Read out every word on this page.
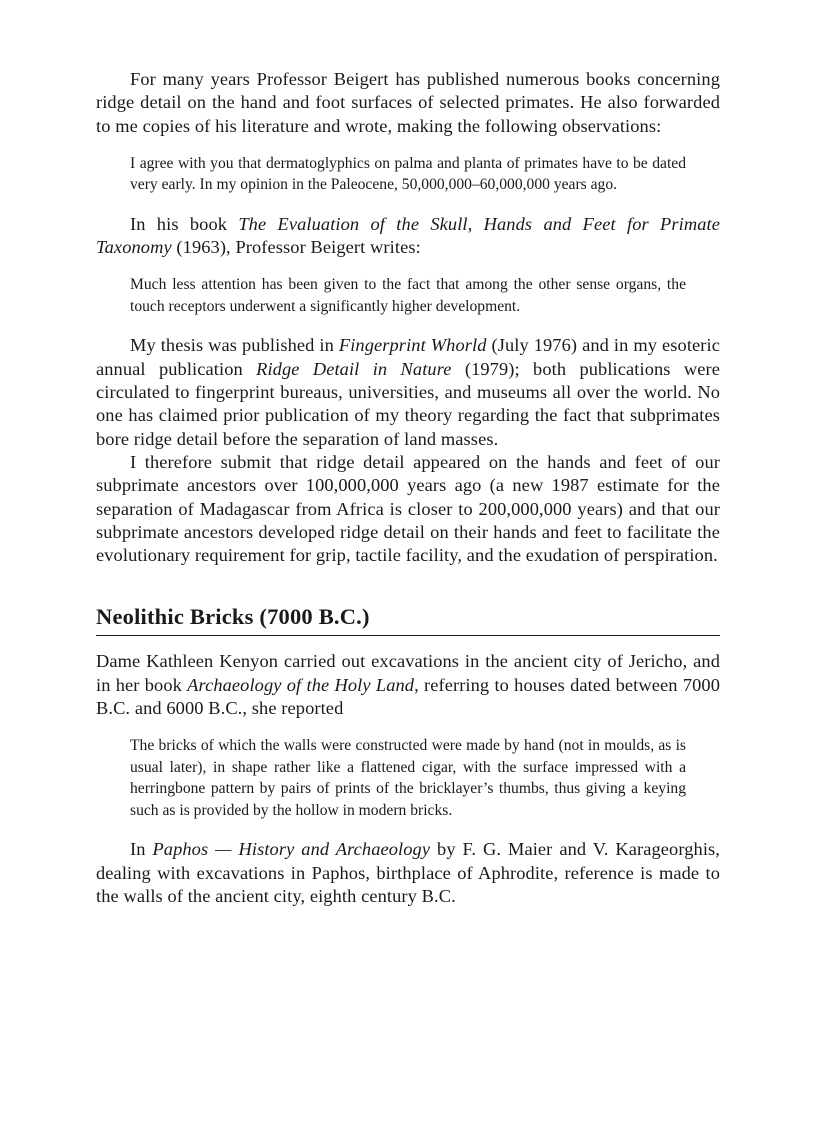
For many years Professor Beigert has published numerous books concerning ridge detail on the hand and foot surfaces of selected primates. He also forwarded to me copies of his literature and wrote, making the following observations:

I agree with you that dermatoglyphics on palma and planta of primates have to be dated very early. In my opinion in the Paleocene, 50,000,000–60,000,000 years ago.

In his book The Evaluation of the Skull, Hands and Feet for Primate Taxonomy (1963), Professor Beigert writes:

Much less attention has been given to the fact that among the other sense organs, the touch receptors underwent a significantly higher development.

My thesis was published in Fingerprint Whorld (July 1976) and in my esoteric annual publication Ridge Detail in Nature (1979); both publications were circulated to fingerprint bureaus, universities, and museums all over the world. No one has claimed prior publication of my theory regarding the fact that subprimates bore ridge detail before the separation of land masses.

I therefore submit that ridge detail appeared on the hands and feet of our subprimate ancestors over 100,000,000 years ago (a new 1987 estimate for the separation of Madagascar from Africa is closer to 200,000,000 years) and that our subprimate ancestors developed ridge detail on their hands and feet to facilitate the evolutionary requirement for grip, tactile facility, and the exudation of perspiration.

Neolithic Bricks (7000 B.C.)

Dame Kathleen Kenyon carried out excavations in the ancient city of Jericho, and in her book Archaeology of the Holy Land, referring to houses dated between 7000 B.C. and 6000 B.C., she reported

The bricks of which the walls were constructed were made by hand (not in moulds, as is usual later), in shape rather like a flattened cigar, with the surface impressed with a herringbone pattern by pairs of prints of the bricklayer’s thumbs, thus giving a keying such as is provided by the hollow in modern bricks.

In Paphos — History and Archaeology by F. G. Maier and V. Karageorghis, dealing with excavations in Paphos, birthplace of Aphrodite, reference is made to the walls of the ancient city, eighth century B.C.
